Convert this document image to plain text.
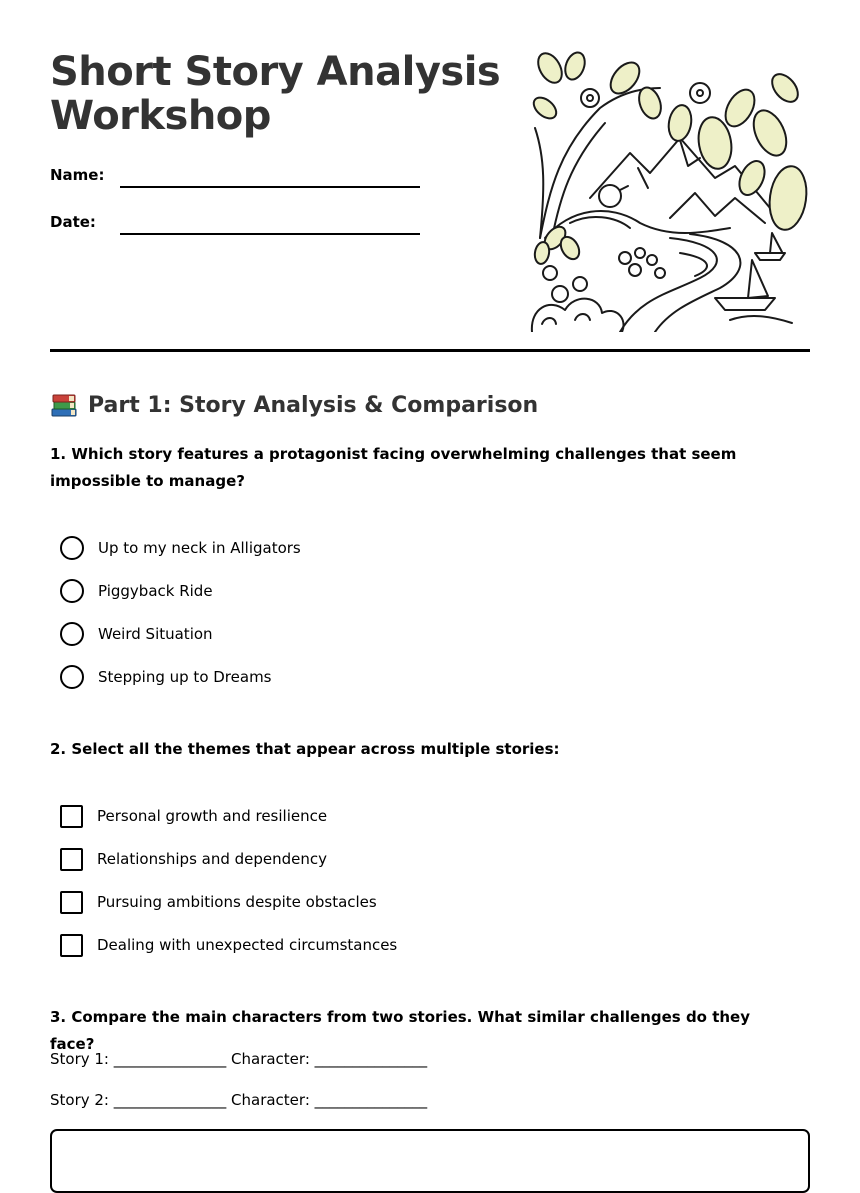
Short Story Analysis Workshop
Name:
Date:
Part 1: Story Analysis & Comparison
1. Which story features a protagonist facing overwhelming challenges that seem impossible to manage?
Up to my neck in Alligators
Piggyback Ride
Weird Situation
Stepping up to Dreams
2. Select all the themes that appear across multiple stories:
Personal growth and resilience
Relationships and dependency
Pursuing ambitions despite obstacles
Dealing with unexpected circumstances
3. Compare the main characters from two stories. What similar challenges do they face?
Story 1: _______________ Character: _______________
Story 2: _______________ Character: _______________
